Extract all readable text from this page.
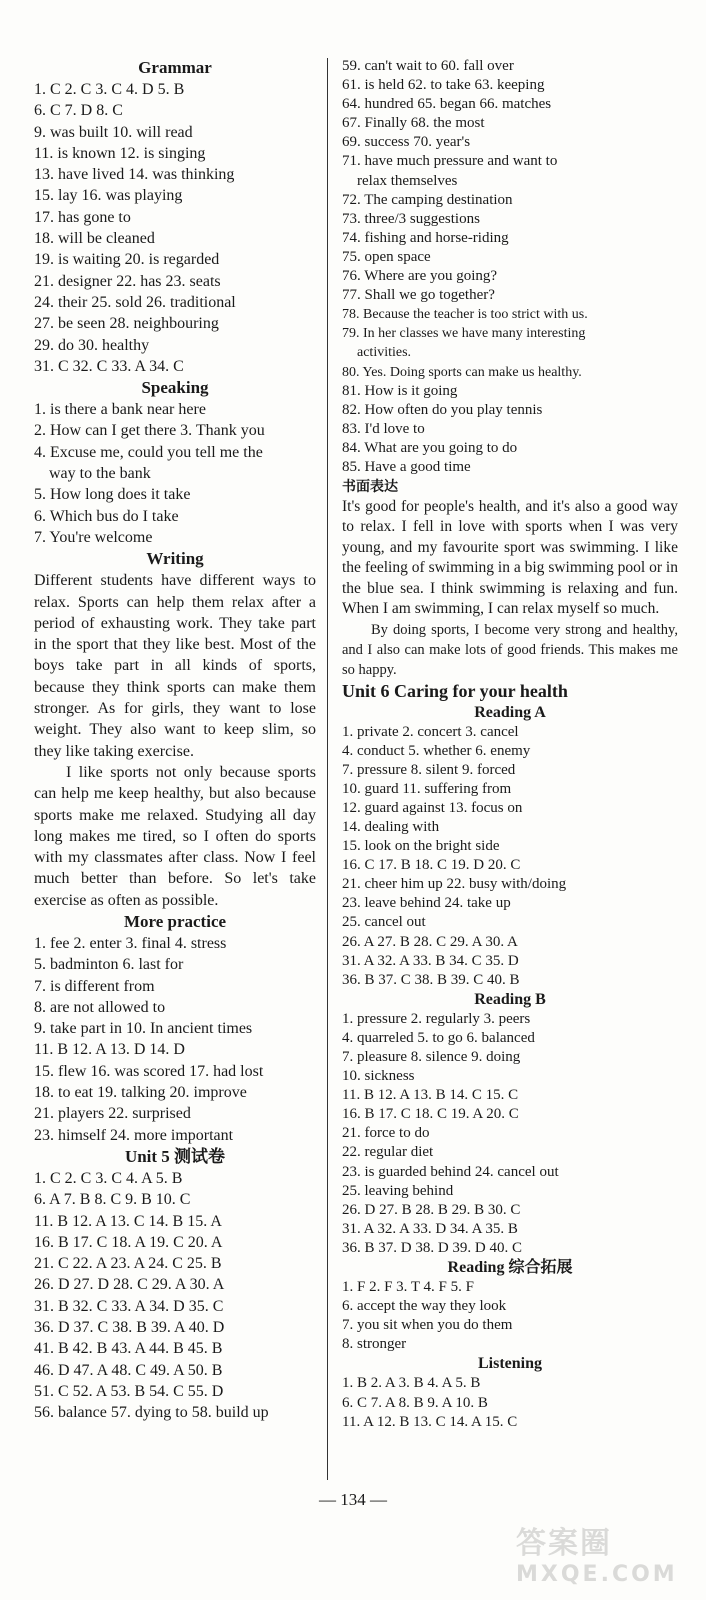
Grammar
1. C 2. C 3. C 4. D 5. B
6. C 7. D 8. C
9. was built 10. will read
11. is known 12. is singing
13. have lived 14. was thinking
15. lay 16. was playing
17. has gone to
18. will be cleaned
19. is waiting 20. is regarded
21. designer 22. has 23. seats
24. their 25. sold 26. traditional
27. be seen 28. neighbouring
29. do 30. healthy
31. C 32. C 33. A 34. C
Speaking
1. is there a bank near here
2. How can I get there 3. Thank you
4. Excuse me, could you tell me the
way to the bank
5. How long does it take
6. Which bus do I take
7. You're welcome
Writing
Different students have different ways to relax. Sports can help them relax after a period of exhausting work. They take part in the sport that they like best. Most of the boys take part in all kinds of sports, because they think sports can make them stronger. As for girls, they want to lose weight. They also want to keep slim, so they like taking exercise.
I like sports not only because sports can help me keep healthy, but also because sports make me relaxed. Studying all day long makes me tired, so I often do sports with my classmates after class. Now I feel much better than before. So let's take exercise as often as possible.
More practice
1. fee 2. enter 3. final 4. stress
5. badminton 6. last for
7. is different from
8. are not allowed to
9. take part in 10. In ancient times
11. B 12. A 13. D 14. D
15. flew 16. was scored 17. had lost
18. to eat 19. talking 20. improve
21. players 22. surprised
23. himself 24. more important
Unit 5 测试卷
1. C 2. C 3. C 4. A 5. B
6. A 7. B 8. C 9. B 10. C
11. B 12. A 13. C 14. B 15. A
16. B 17. C 18. A 19. C 20. A
21. C 22. A 23. A 24. C 25. B
26. D 27. D 28. C 29. A 30. A
31. B 32. C 33. A 34. D 35. C
36. D 37. C 38. B 39. A 40. D
41. B 42. B 43. A 44. B 45. B
46. D 47. A 48. C 49. A 50. B
51. C 52. A 53. B 54. C 55. D
56. balance 57. dying to 58. build up
59. can't wait to 60. fall over
61. is held 62. to take 63. keeping
64. hundred 65. began 66. matches
67. Finally 68. the most
69. success 70. year's
71. have much pressure and want to
relax themselves
72. The camping destination
73. three/3 suggestions
74. fishing and horse-riding
75. open space
76. Where are you going?
77. Shall we go together?
78. Because the teacher is too strict with us.
79. In her classes we have many interesting
activities.
80. Yes. Doing sports can make us healthy.
81. How is it going
82. How often do you play tennis
83. I'd love to
84. What are you going to do
85. Have a good time
书面表达
It's good for people's health, and it's also a good way to relax. I fell in love with sports when I was very young, and my favourite sport was swimming. I like the feeling of swimming in a big swimming pool or in the blue sea. I think swimming is relaxing and fun. When I am swimming, I can relax myself so much.
By doing sports, I become very strong and healthy, and I also can make lots of good friends. This makes me so happy.
Unit 6 Caring for your health
Reading A
1. private 2. concert 3. cancel
4. conduct 5. whether 6. enemy
7. pressure 8. silent 9. forced
10. guard 11. suffering from
12. guard against 13. focus on
14. dealing with
15. look on the bright side
16. C 17. B 18. C 19. D 20. C
21. cheer him up 22. busy with/doing
23. leave behind 24. take up
25. cancel out
26. A 27. B 28. C 29. A 30. A
31. A 32. A 33. B 34. C 35. D
36. B 37. C 38. B 39. C 40. B
Reading B
1. pressure 2. regularly 3. peers
4. quarreled 5. to go 6. balanced
7. pleasure 8. silence 9. doing
10. sickness
11. B 12. A 13. B 14. C 15. C
16. B 17. C 18. C 19. A 20. C
21. force to do
22. regular diet
23. is guarded behind 24. cancel out
25. leaving behind
26. D 27. B 28. B 29. B 30. C
31. A 32. A 33. D 34. A 35. B
36. B 37. D 38. D 39. D 40. C
Reading 综合拓展
1. F 2. F 3. T 4. F 5. F
6. accept the way they look
7. you sit when you do them
8. stronger
Listening
1. B 2. A 3. B 4. A 5. B
6. C 7. A 8. B 9. A 10. B
11. A 12. B 13. C 14. A 15. C
— 134 —
答案圈
MXQE.COM
